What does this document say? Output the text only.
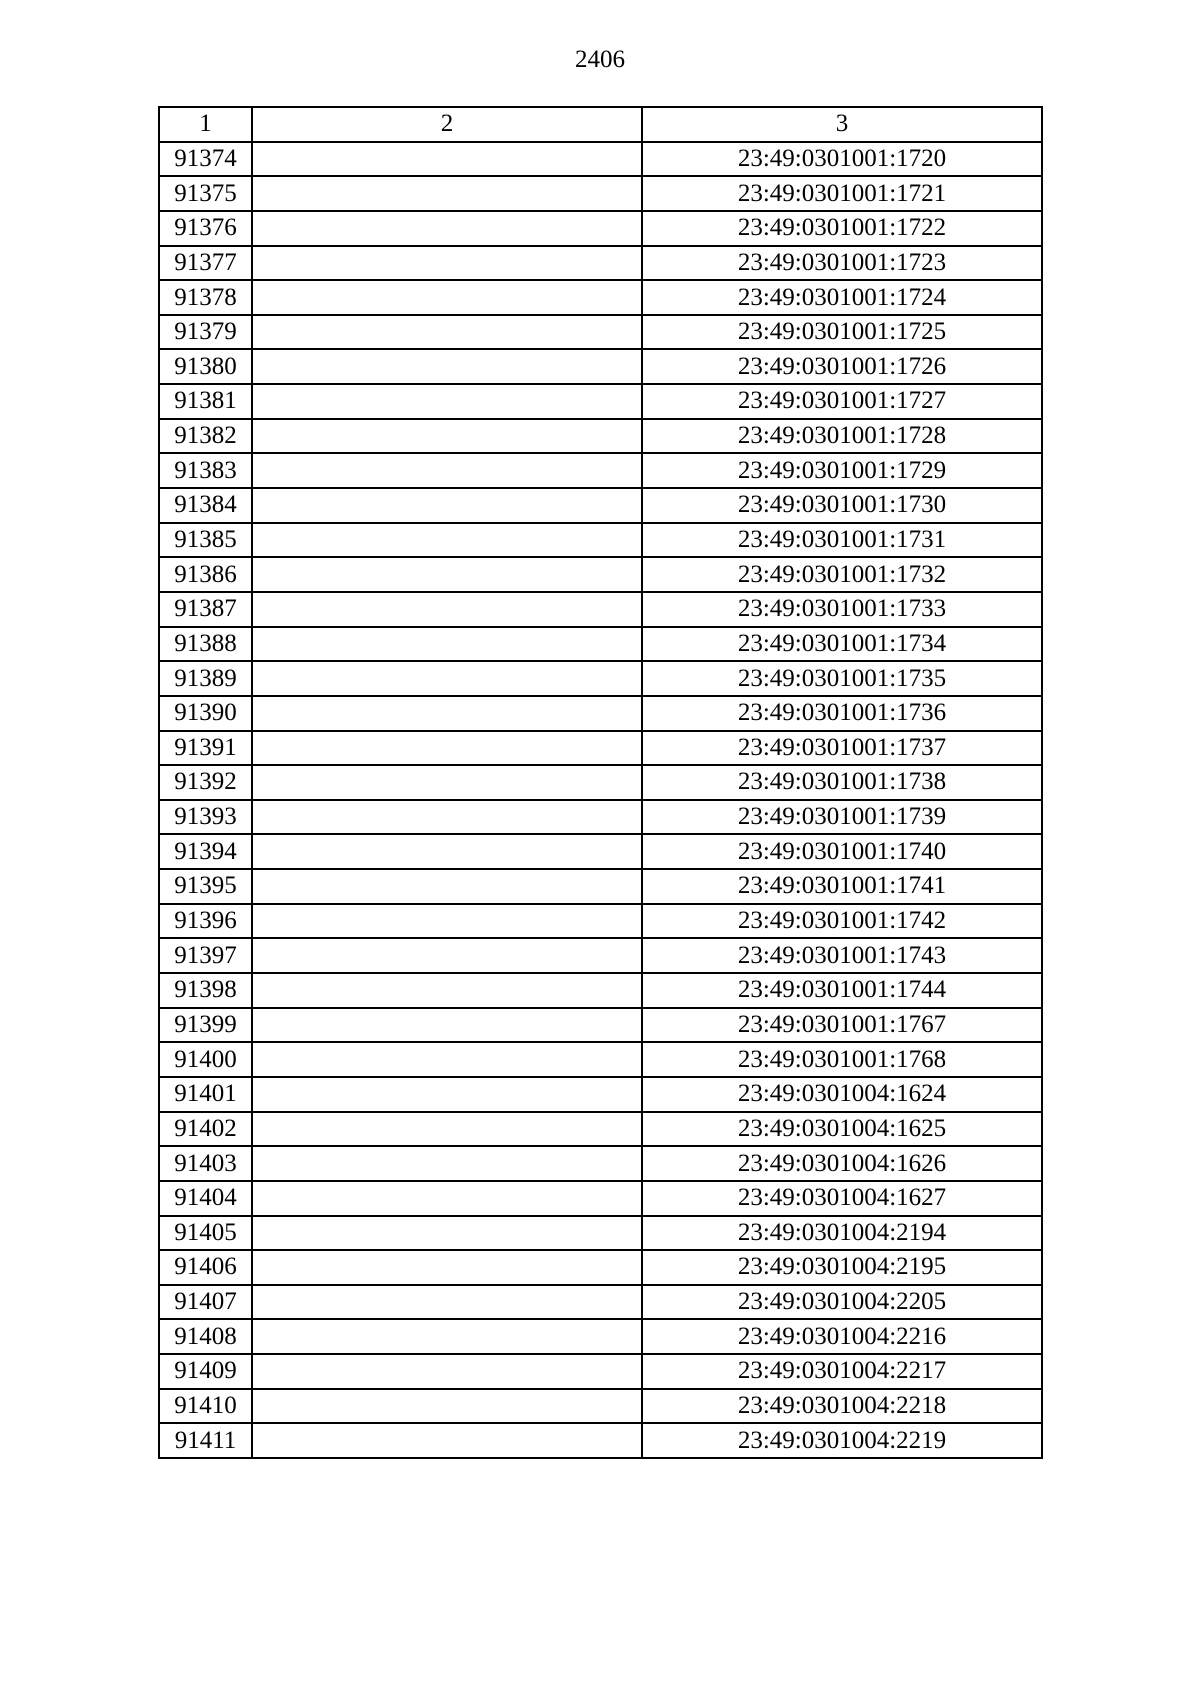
2406
1	2	3
91374		23:49:0301001:1720
91375		23:49:0301001:1721
91376		23:49:0301001:1722
91377		23:49:0301001:1723
91378		23:49:0301001:1724
91379		23:49:0301001:1725
91380		23:49:0301001:1726
91381		23:49:0301001:1727
91382		23:49:0301001:1728
91383		23:49:0301001:1729
91384		23:49:0301001:1730
91385		23:49:0301001:1731
91386		23:49:0301001:1732
91387		23:49:0301001:1733
91388		23:49:0301001:1734
91389		23:49:0301001:1735
91390		23:49:0301001:1736
91391		23:49:0301001:1737
91392		23:49:0301001:1738
91393		23:49:0301001:1739
91394		23:49:0301001:1740
91395		23:49:0301001:1741
91396		23:49:0301001:1742
91397		23:49:0301001:1743
91398		23:49:0301001:1744
91399		23:49:0301001:1767
91400		23:49:0301001:1768
91401		23:49:0301004:1624
91402		23:49:0301004:1625
91403		23:49:0301004:1626
91404		23:49:0301004:1627
91405		23:49:0301004:2194
91406		23:49:0301004:2195
91407		23:49:0301004:2205
91408		23:49:0301004:2216
91409		23:49:0301004:2217
91410		23:49:0301004:2218
91411		23:49:0301004:2219
